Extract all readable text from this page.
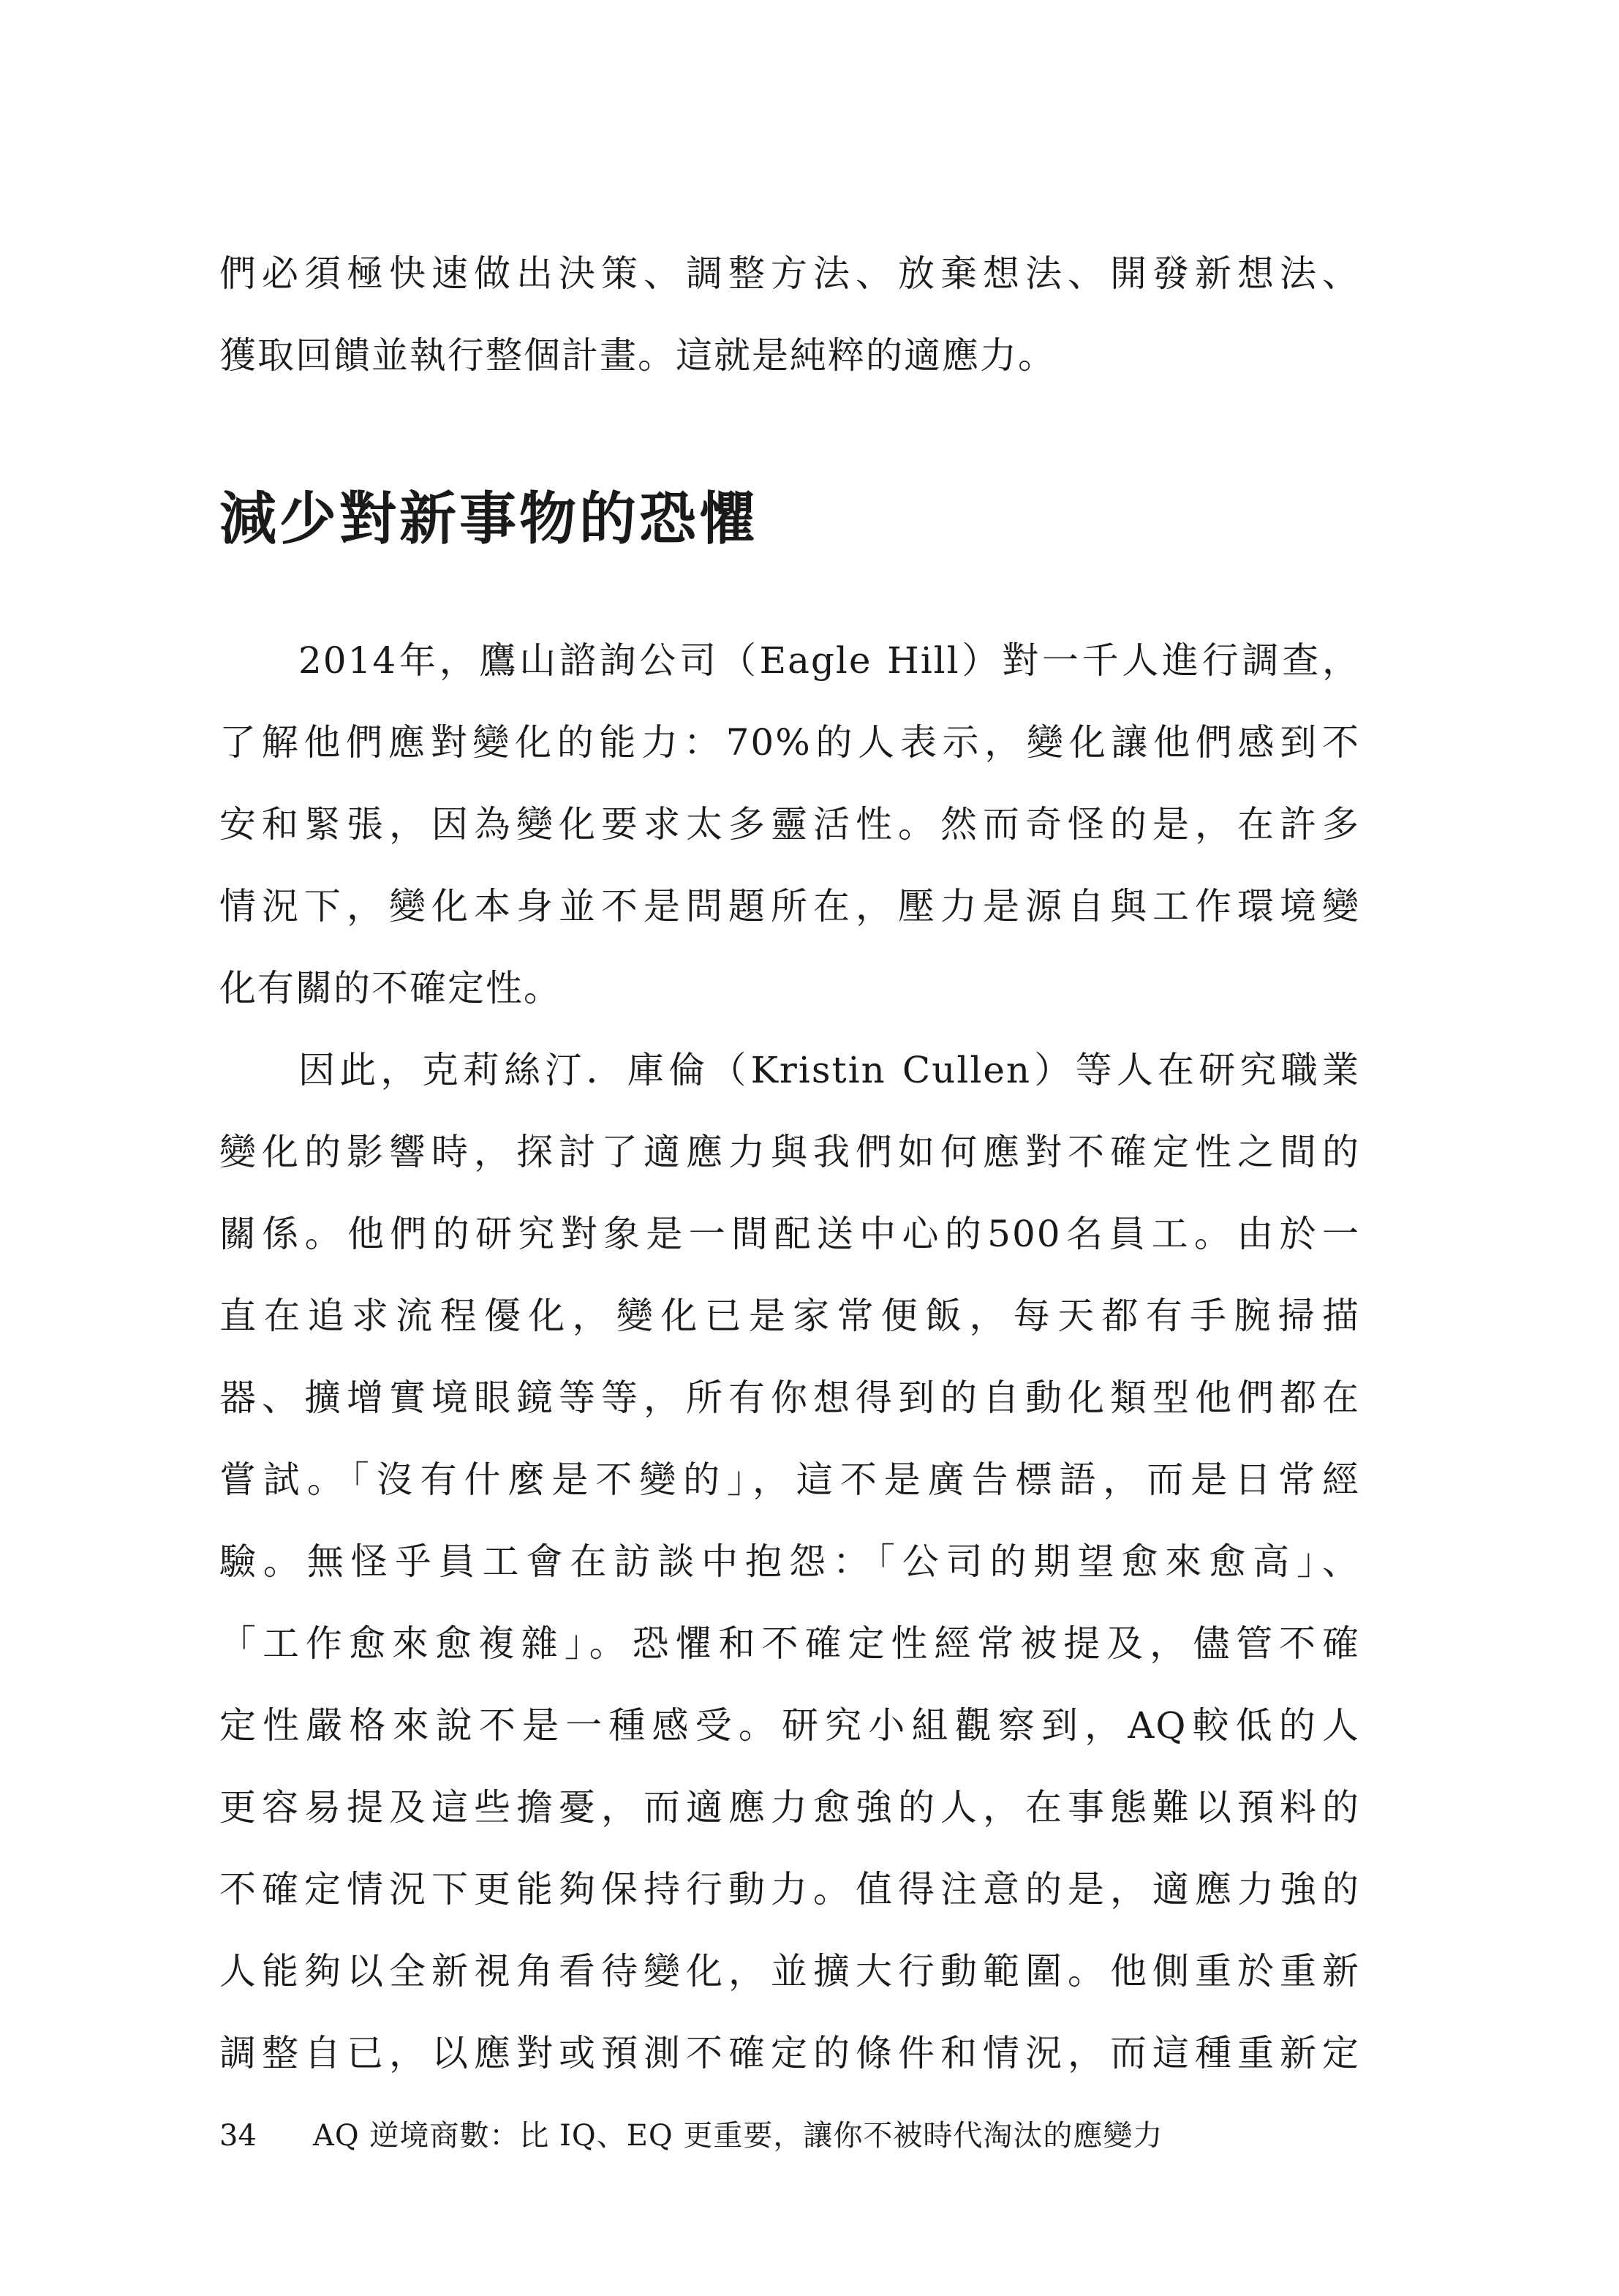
們必須極快速做出決策、調整方法、放棄想法、開發新想法、
獲取回饋並執行整個計畫。這就是純粹的適應力。
減少對新事物的恐懼
2014年，鷹山諮詢公司（Eagle Hill）對一千人進行調查，
了解他們應對變化的能力：70%的人表示，變化讓他們感到不
安和緊張，因為變化要求太多靈活性。然而奇怪的是，在許多
情況下，變化本身並不是問題所在，壓力是源自與工作環境變
化有關的不確定性。
因此，克莉絲汀．庫倫（Kristin Cullen）等人在研究職業
變化的影響時，探討了適應力與我們如何應對不確定性之間的
關係。他們的研究對象是一間配送中心的500名員工。由於一
直在追求流程優化，變化已是家常便飯，每天都有手腕掃描
器、擴增實境眼鏡等等，所有你想得到的自動化類型他們都在
嘗試。「沒有什麼是不變的」，這不是廣告標語，而是日常經
驗。無怪乎員工會在訪談中抱怨：「公司的期望愈來愈高」、
「工作愈來愈複雜」。恐懼和不確定性經常被提及，儘管不確
定性嚴格來說不是一種感受。研究小組觀察到，AQ較低的人
更容易提及這些擔憂，而適應力愈強的人，在事態難以預料的
不確定情況下更能夠保持行動力。值得注意的是，適應力強的
人能夠以全新視角看待變化，並擴大行動範圍。他側重於重新
調整自已，以應對或預測不確定的條件和情況，而這種重新定
34 AQ 逆境商數：比 IQ、EQ 更重要，讓你不被時代淘汰的應變力
